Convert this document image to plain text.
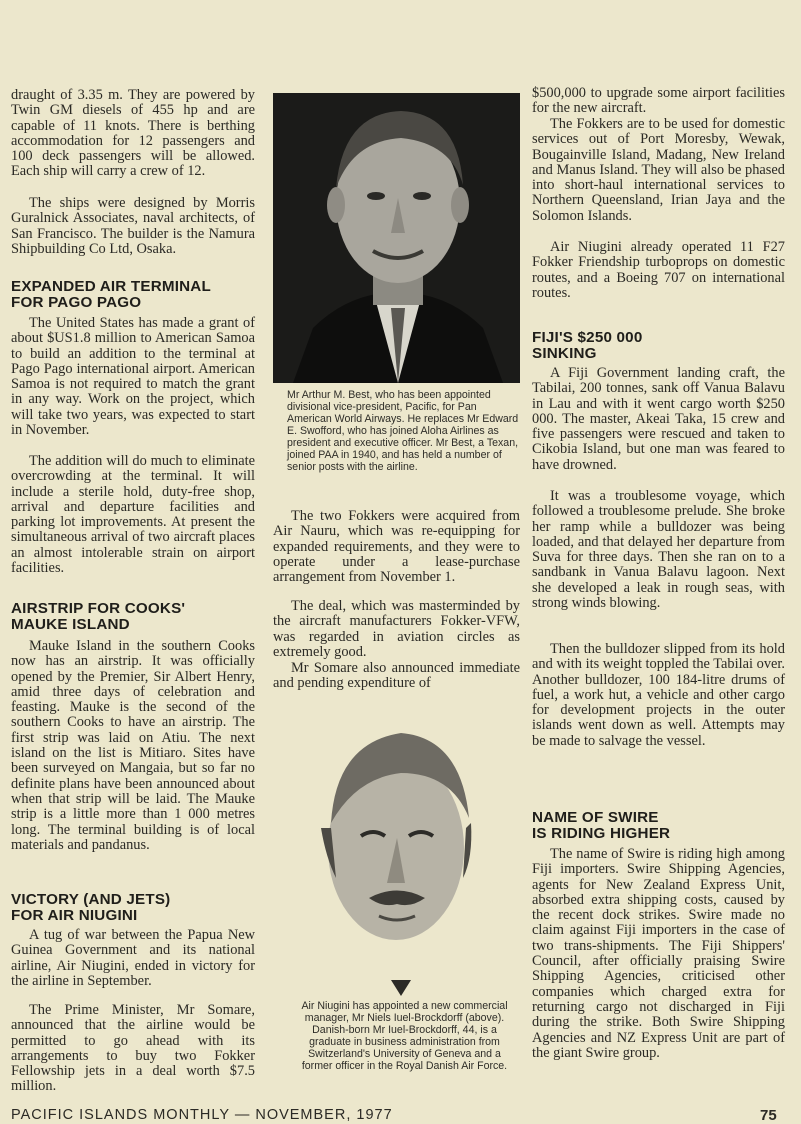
draught of 3.35 m. They are powered by Twin GM diesels of 455 hp and are capable of 11 knots. There is berthing accommodation for 12 passengers and 100 deck passengers will be allowed. Each ship will carry a crew of 12.

The ships were designed by Morris Guralnick Associates, naval architects, of San Francisco. The builder is the Namura Shipbuilding Co Ltd, Osaka.

EXPANDED AIR TERMINAL

FOR PAGO PAGO

The United States has made a grant of about $US1.8 million to American Samoa to build an addition to the terminal at Pago Pago international airport. American Samoa is not required to match the grant in any way. Work on the project, which will take two years, was expected to start in November.

The addition will do much to eliminate overcrowding at the terminal. It will include a sterile hold, duty-free shop, arrival and departure facilities and parking lot improvements. At present the simultaneous arrival of two aircraft places an almost intolerable strain on airport facilities.

AIRSTRIP FOR COOKS'

MAUKE ISLAND

Mauke Island in the southern Cooks now has an airstrip. It was officially opened by the Premier, Sir Albert Henry, amid three days of celebration and feasting. Mauke is the second of the southern Cooks to have an airstrip. The first strip was laid on Atiu. The next island on the list is Mitiaro. Sites have been surveyed on Mangaia, but so far no definite plans have been announced about when that strip will be laid. The Mauke strip is a little more than 1 000 metres long. The terminal building is of local materials and pandanus.

VICTORY (AND JETS)

FOR AIR NIUGINI

A tug of war between the Papua New Guinea Government and its national airline, Air Niugini, ended in victory for the airline in September.

The Prime Minister, Mr Somare, announced that the airline would be permitted to go ahead with its arrangements to buy two Fokker Fellowship jets in a deal worth $7.5 million.

Mr Arthur M. Best, who has been appointed divisional vice-president, Pacific, for Pan American World Airways. He replaces Mr Edward E. Swofford, who has joined Aloha Airlines as president and executive officer. Mr Best, a Texan, joined PAA in 1940, and has held a number of senior posts with the airline.

The two Fokkers were acquired from Air Nauru, which was re-equipping for expanded requirements, and they were to operate under a lease-purchase arrangement from November 1.

The deal, which was masterminded by the aircraft manufacturers Fokker-VFW, was regarded in aviation circles as extremely good.

Mr Somare also announced immediate and pending expenditure of

Air Niugini has appointed a new commercial manager, Mr Niels Iuel-Brockdorff (above). Danish-born Mr Iuel-Brockdorff, 44, is a graduate in business administration from Switzerland's University of Geneva and a former officer in the Royal Danish Air Force.

$500,000 to upgrade some airport facilities for the new aircraft.

The Fokkers are to be used for domestic services out of Port Moresby, Wewak, Bougainville Island, Madang, New Ireland and Manus Island. They will also be phased into short-haul international services to Northern Queensland, Irian Jaya and the Solomon Islands.

Air Niugini already operated 11 F27 Fokker Friendship turboprops on domestic routes, and a Boeing 707 on international routes.

FIJI'S $250 000

SINKING

A Fiji Government landing craft, the Tabilai, 200 tonnes, sank off Vanua Balavu in Lau and with it went cargo worth $250 000. The master, Akeai Taka, 15 crew and five passengers were rescued and taken to Cikobia Island, but one man was feared to have drowned.

It was a troublesome voyage, which followed a troublesome prelude. She broke her ramp while a bulldozer was being loaded, and that delayed her departure from Suva for three days. Then she ran on to a sandbank in Vanua Balavu lagoon. Next she developed a leak in rough seas, with strong winds blowing.

Then the bulldozer slipped from its hold and with its weight toppled the Tabilai over. Another bulldozer, 100 184-litre drums of fuel, a work hut, a vehicle and other cargo for development projects in the outer islands went down as well. Attempts may be made to salvage the vessel.

NAME OF SWIRE

IS RIDING HIGHER

The name of Swire is riding high among Fiji importers. Swire Shipping Agencies, agents for New Zealand Express Unit, absorbed extra shipping costs, caused by the recent dock strikes. Swire made no claim against Fiji importers in the case of two trans-shipments. The Fiji Shippers' Council, after officially praising Swire Shipping Agencies, criticised other companies which charged extra for returning cargo not discharged in Fiji during the strike. Both Swire Shipping Agencies and NZ Express Unit are part of the giant Swire group.

PACIFIC ISLANDS MONTHLY — NOVEMBER, 1977	75
